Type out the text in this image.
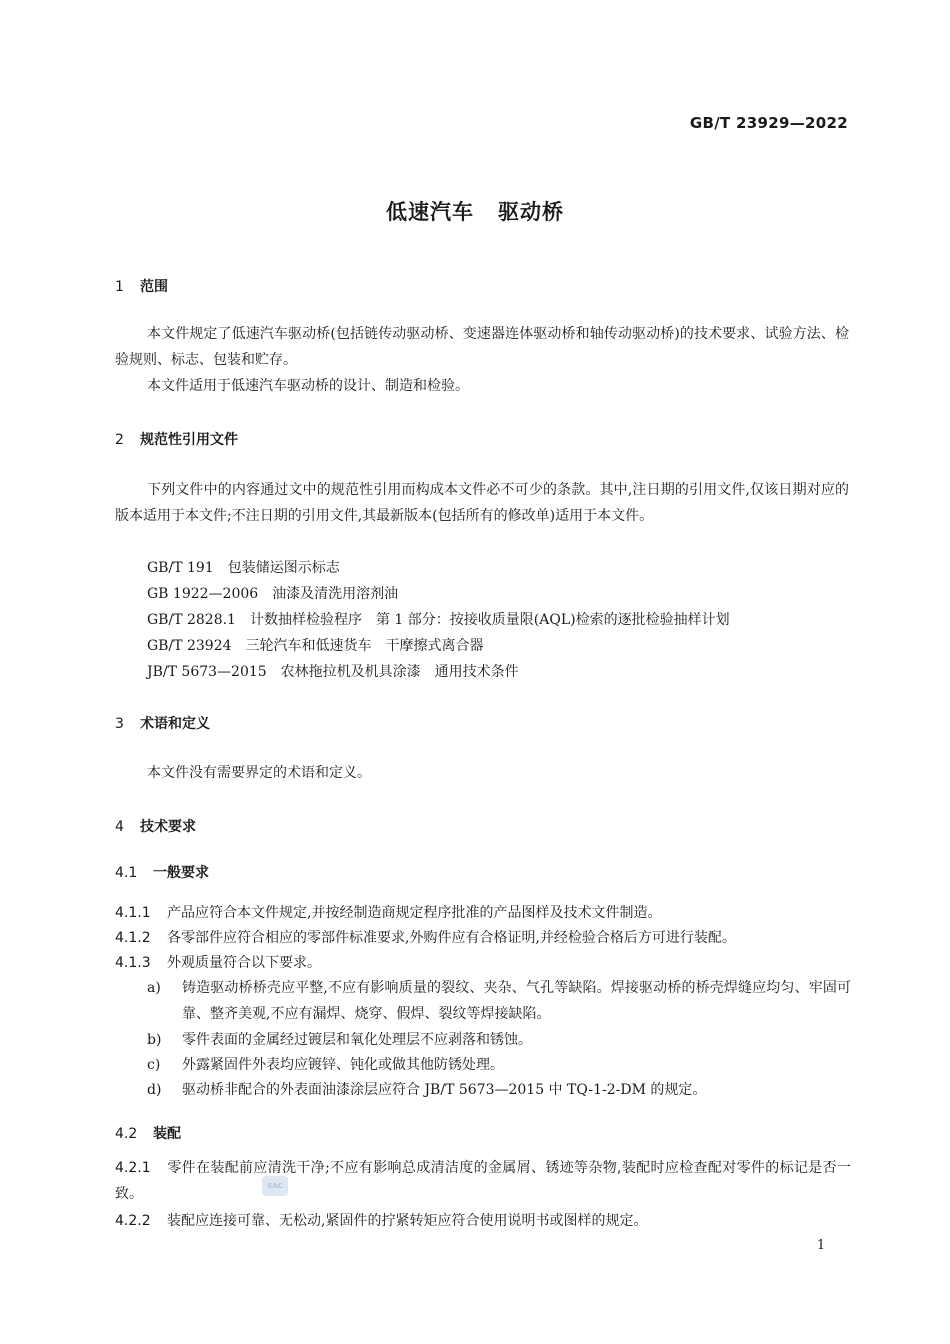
GB/T 23929—2022
低速汽车 驱动桥
1 范围
本文件规定了低速汽车驱动桥(包括链传动驱动桥、变速器连体驱动桥和轴传动驱动桥)的技术要求、试验方法、检验规则、标志、包装和贮存。
本文件适用于低速汽车驱动桥的设计、制造和检验。
2 规范性引用文件
下列文件中的内容通过文中的规范性引用而构成本文件必不可少的条款。其中,注日期的引用文件,仅该日期对应的版本适用于本文件;不注日期的引用文件,其最新版本(包括所有的修改单)适用于本文件。
GB/T 191 包装储运图示标志
GB 1922—2006 油漆及清洗用溶剂油
GB/T 2828.1 计数抽样检验程序　第 1 部分：按接收质量限(AQL)检索的逐批检验抽样计划
GB/T 23924 三轮汽车和低速货车　干摩擦式离合器
JB/T 5673—2015 农林拖拉机及机具涂漆　通用技术条件
3 术语和定义
本文件没有需要界定的术语和定义。
4 技术要求
4.1 一般要求
4.1.1 产品应符合本文件规定,并按经制造商规定程序批准的产品图样及技术文件制造。
4.1.2 各零部件应符合相应的零部件标准要求,外购件应有合格证明,并经检验合格后方可进行装配。
4.1.3 外观质量符合以下要求。
a)	铸造驱动桥桥壳应平整,不应有影响质量的裂纹、夹杂、气孔等缺陷。焊接驱动桥的桥壳焊缝应均匀、牢固可靠、整齐美观,不应有漏焊、烧穿、假焊、裂纹等焊接缺陷。
b)	零件表面的金属经过镀层和氧化处理层不应剥落和锈蚀。
c)	外露紧固件外表均应镀锌、钝化或做其他防锈处理。
d)	驱动桥非配合的外表面油漆涂层应符合 JB/T 5673—2015 中 TQ-1-2-DM 的规定。
4.2 装配
4.2.1 零件在装配前应清洗干净;不应有影响总成清洁度的金属屑、锈迹等杂物,装配时应检查配对零件的标记是否一致。
4.2.2 装配应连接可靠、无松动,紧固件的拧紧转矩应符合使用说明书或图样的规定。
SAC
1
